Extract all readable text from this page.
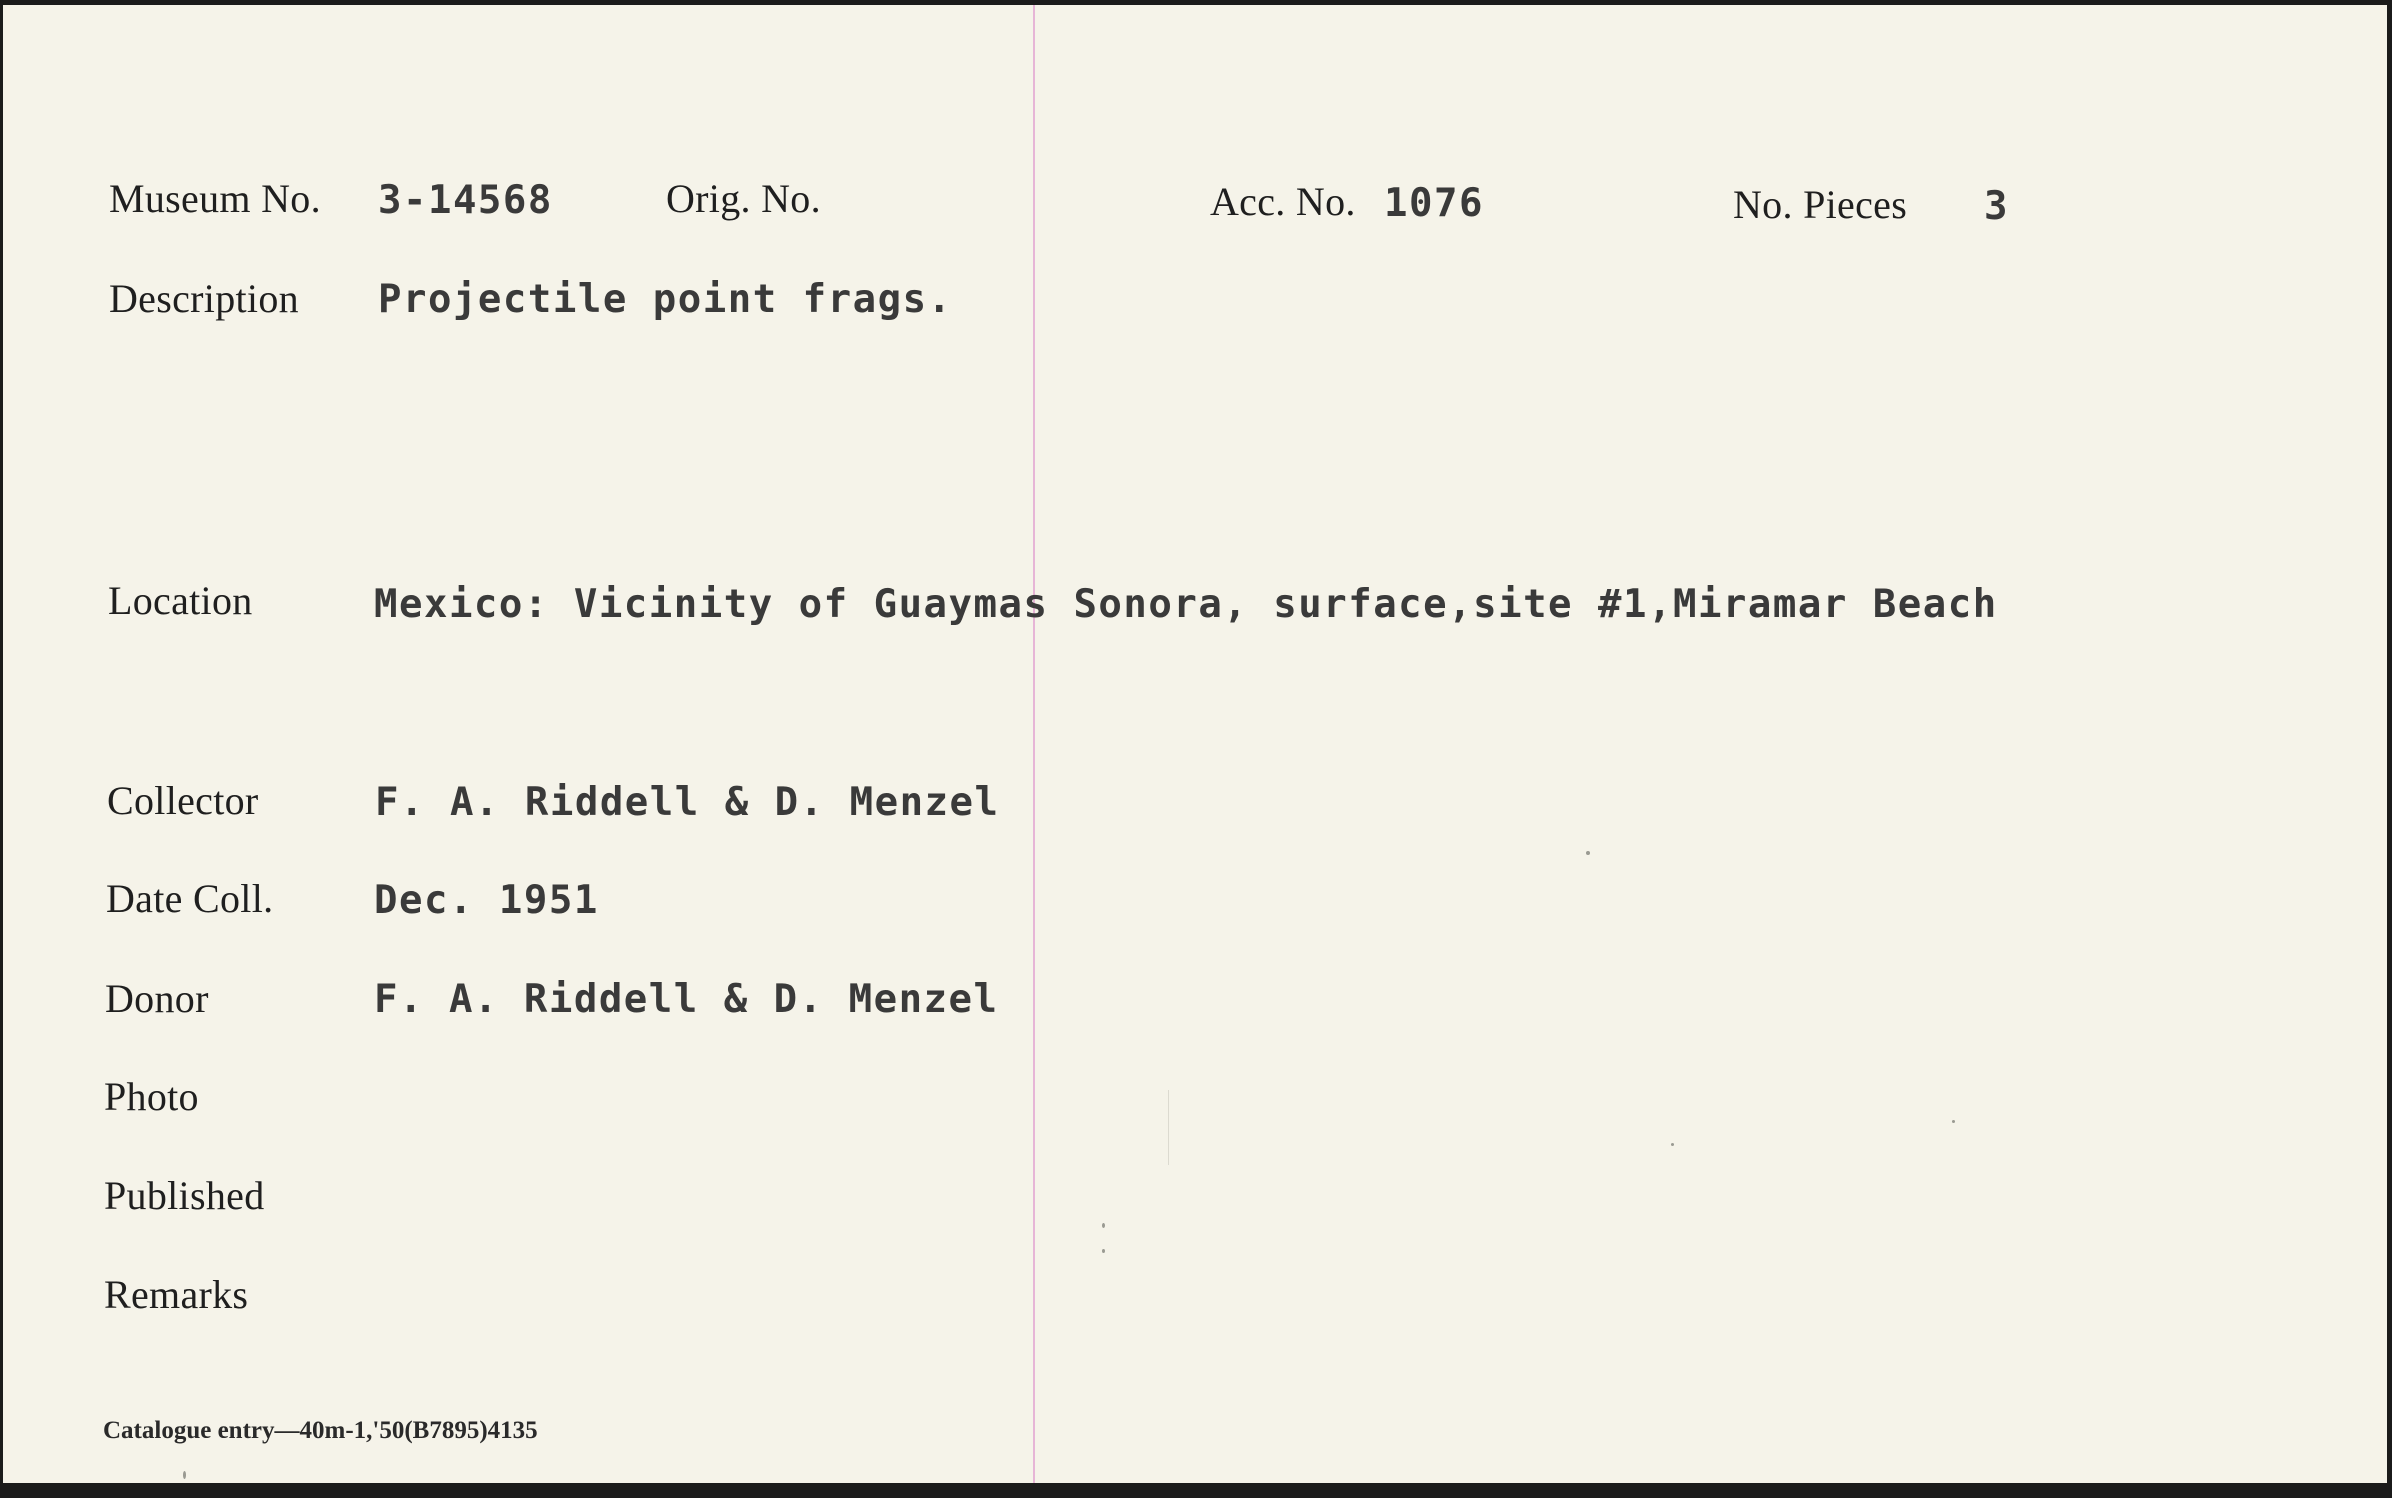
Museum No. 3-14568	Orig. No.	Acc. No. 1076	No. Pieces 3
Description Projectile point frags.
Location	Mexico: Vicinity of Guaymas Sonora, surface,site #1,Miramar Beach
Collector	F. A. Riddell & D. Menzel
Date Coll.	Dec. 1951
Donor	F. A. Riddell & D. Menzel
Photo
Published
Remarks
Catalogue entry—40m-1,'50(B7895)4135
